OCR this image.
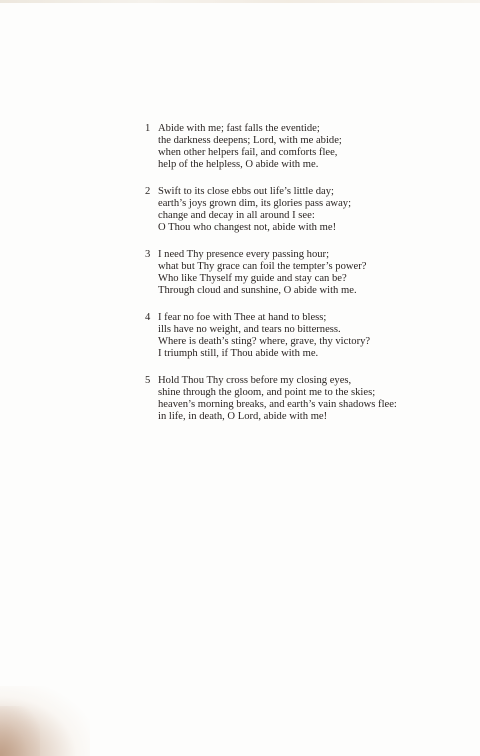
1 Abide with me; fast falls the eventide;
the darkness deepens; Lord, with me abide;
when other helpers fail, and comforts flee,
help of the helpless, O abide with me.
2 Swift to its close ebbs out life’s little day;
earth’s joys grown dim, its glories pass away;
change and decay in all around I see:
O Thou who changest not, abide with me!
3 I need Thy presence every passing hour;
what but Thy grace can foil the tempter’s power?
Who like Thyself my guide and stay can be?
Through cloud and sunshine, O abide with me.
4 I fear no foe with Thee at hand to bless;
ills have no weight, and tears no bitterness.
Where is death’s sting? where, grave, thy victory?
I triumph still, if Thou abide with me.
5 Hold Thou Thy cross before my closing eyes,
shine through the gloom, and point me to the skies;
heaven’s morning breaks, and earth’s vain shadows flee:
in life, in death, O Lord, abide with me!
